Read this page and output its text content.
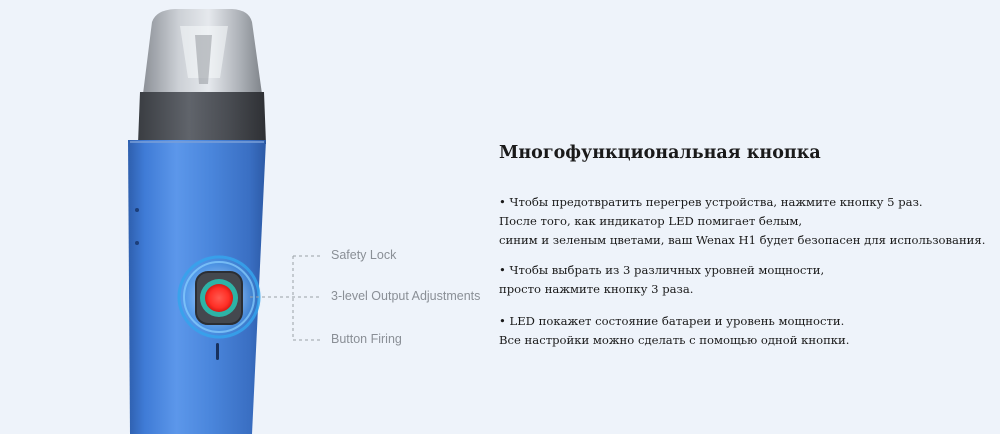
Safety Lock
3-level Output Adjustments
Button Firing
Многофункциональная кнопка
• Чтобы предотвратить перегрев устройства, нажмите кнопку 5 раз.
После того, как индикатор LED помигает белым,
синим и зеленым цветами, ваш Wenax H1 будет безопасен для использования.
• Чтобы выбрать из 3 различных уровней мощности,
просто нажмите кнопку 3 раза.
• LED покажет состояние батареи и уровень мощности.
Все настройки можно сделать с помощью одной кнопки.
